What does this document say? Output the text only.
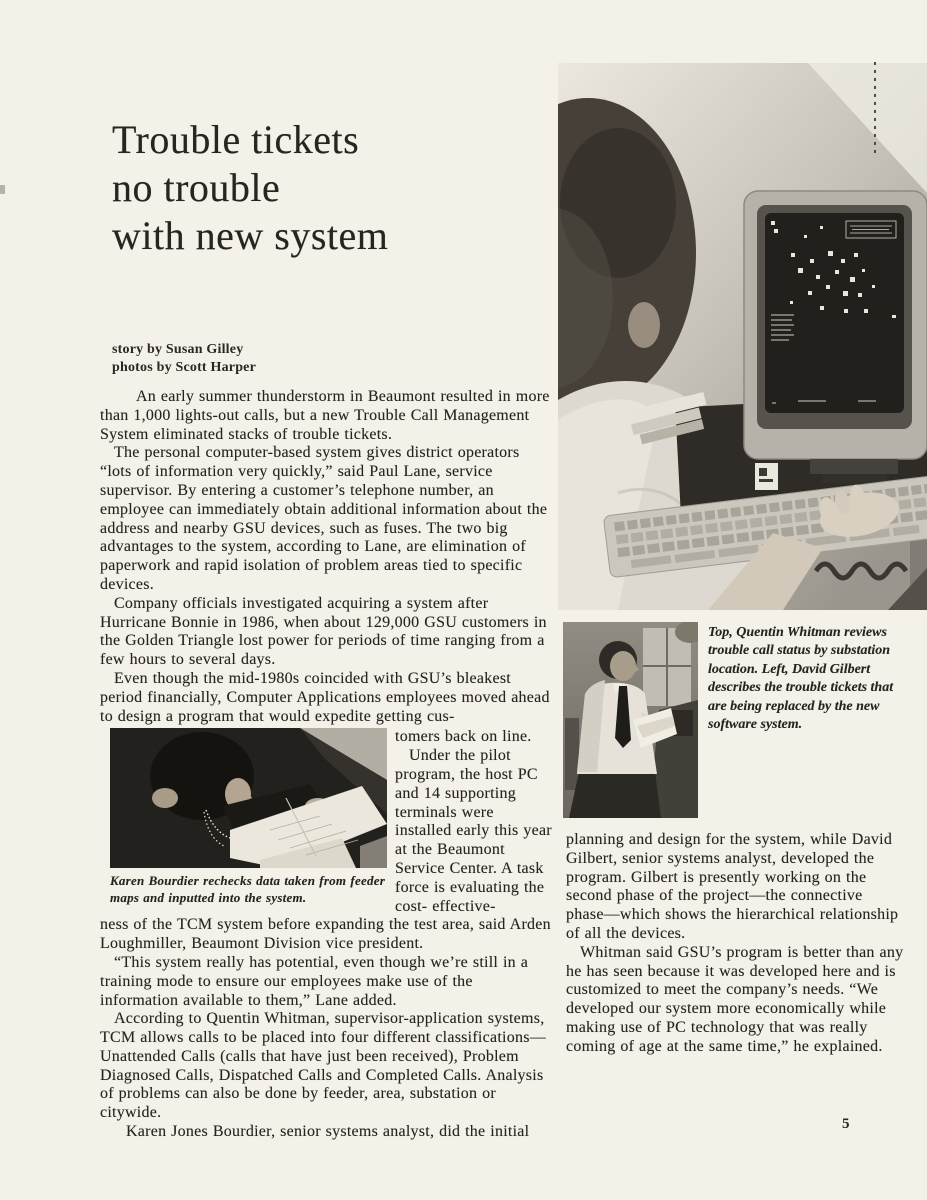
Trouble tickets
no trouble
with new system
story by Susan Gilley
photos by Scott Harper

An early summer thunderstorm in Beaumont resulted in more than 1,000 lights-out calls, but a new Trouble Call Management System eliminated stacks of trouble tickets.

The personal computer-based system gives district operators “lots of information very quickly,” said Paul Lane, service supervisor. By entering a customer’s telephone number, an employee can immediately obtain additional information about the address and nearby GSU devices, such as fuses. The two big advantages to the system, according to Lane, are elimination of paperwork and rapid isolation of problem areas tied to specific devices.

Company officials investigated acquiring a system after Hurricane Bonnie in 1986, when about 129,000 GSU customers in the Golden Triangle lost power for periods of time ranging from a few hours to several days.

Even though the mid-1980s coincided with GSU’s bleakest period financially, Computer Applications employees moved ahead to design a program that would expedite getting cus-

Karen Bourdier rechecks data taken from feeder maps and inputted into the system.

tomers back on line.

Under the pilot program, the host PC and 14 supporting terminals were installed early this year at the Beaumont Service Center. A task force is evaluating the cost- effective-

ness of the TCM system before expanding the test area, said Arden Loughmiller, Beaumont Division vice president.

“This system really has potential, even though we’re still in a training mode to ensure our employees make use of the information available to them,” Lane added.

According to Quentin Whitman, supervisor-application systems, TCM allows calls to be placed into four different classifications—Unattended Calls (calls that have just been received), Problem Diagnosed Calls, Dispatched Calls and Completed Calls. Analysis of problems can also be done by feeder, area, substation or citywide.

Karen Jones Bourdier, senior systems analyst, did the initial

Top, Quentin Whitman reviews trouble call status by substation location. Left, David Gilbert describes the trouble tickets that are being replaced by the new software system.

planning and design for the system, while David Gilbert, senior systems analyst, developed the program. Gilbert is presently working on the second phase of the project—the connective phase—which shows the hierarchical relationship of all the devices.

Whitman said GSU’s program is better than any he has seen because it was developed here and is customized to meet the company’s needs. “We developed our system more economically while making use of PC technology that was really coming of age at the same time,” he explained.

5
